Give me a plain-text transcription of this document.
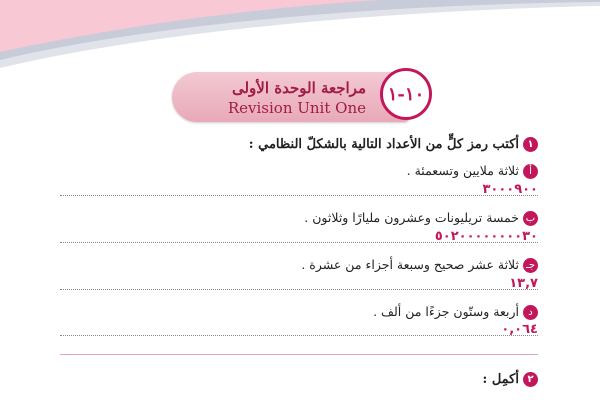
مراجعة الوحدة الأولى
Revision Unit One
١٠-١
١أكتب رمز كلٍّ من الأعداد التالية بالشكلّ النظامي :
أثلاثة ملايين وتسعمئة .
٣٠٠٠٩٠٠
بخمسة تريليونات وعشرون مليارًا وثلاثون .
٥٠٢٠٠٠٠٠٠٠٠٣٠
جـثلاثة عشر صحيح وسبعة أجزاء من عشرة .
١٣,٧
دأربعة وستّون جزءًا من ألف .
٠,٠٦٤
٢أكمِل :
